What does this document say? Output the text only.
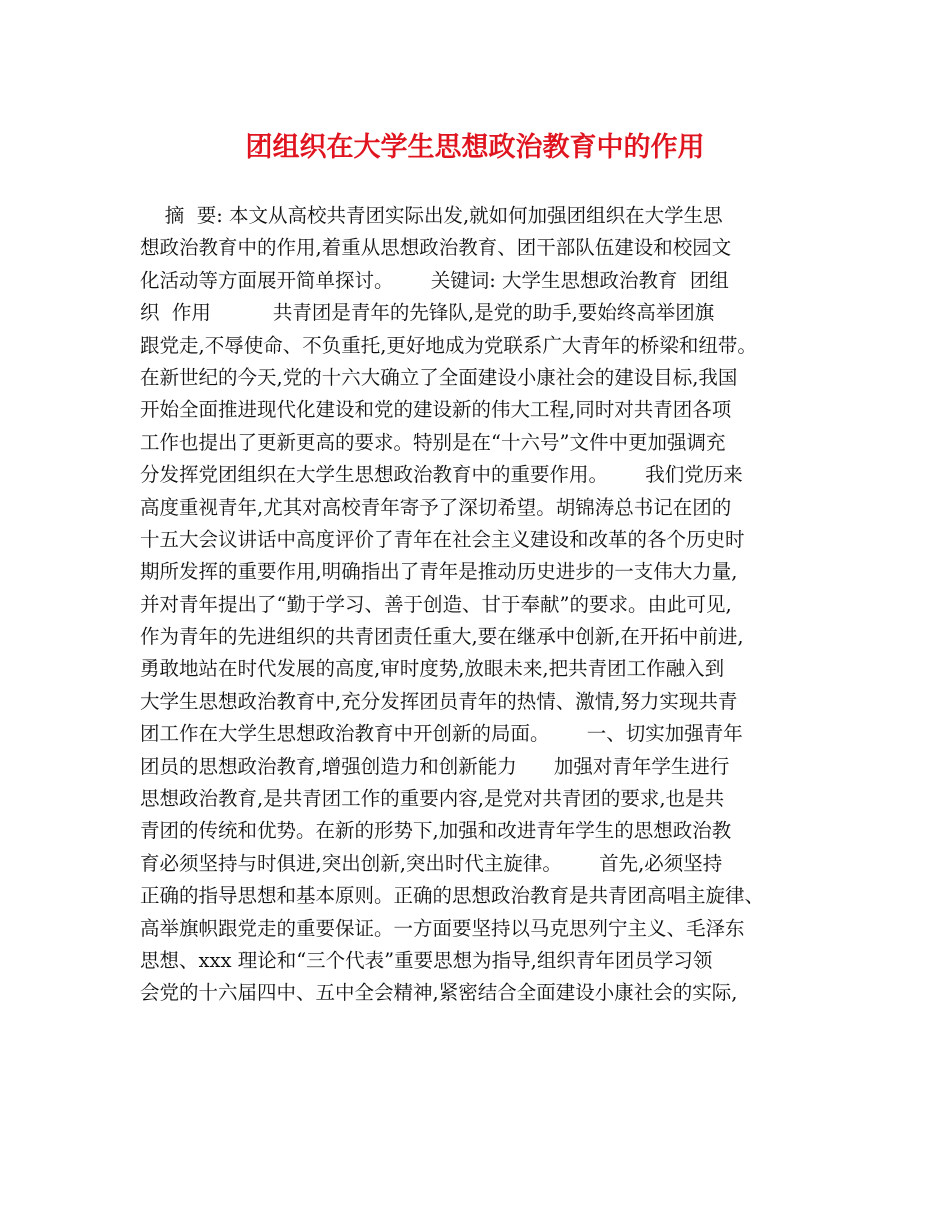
团组织在大学生思想政治教育中的作用
摘  要: 本文从高校共青团实际出发,就如何加强团组织在大学生思
想政治教育中的作用,着重从思想政治教育、团干部队伍建设和校园文
化活动等方面展开简单探讨。      关键词: 大学生思想政治教育  团组
织  作用          共青团是青年的先锋队,是党的助手,要始终高举团旗
跟党走,不辱使命、不负重托,更好地成为党联系广大青年的桥梁和纽带。
在新世纪的今天,党的十六大确立了全面建设小康社会的建设目标,我国
开始全面推进现代化建设和党的建设新的伟大工程,同时对共青团各项
工作也提出了更新更高的要求。特别是在“十六号”文件中更加强调充
分发挥党团组织在大学生思想政治教育中的重要作用。      我们党历来
高度重视青年,尤其对高校青年寄予了深切希望。胡锦涛总书记在团的
十五大会议讲话中高度评价了青年在社会主义建设和改革的各个历史时
期所发挥的重要作用,明确指出了青年是推动历史进步的一支伟大力量,
并对青年提出了“勤于学习、善于创造、甘于奉献”的要求。由此可见,
作为青年的先进组织的共青团责任重大,要在继承中创新,在开拓中前进,
勇敢地站在时代发展的高度,审时度势,放眼未来,把共青团工作融入到
大学生思想政治教育中,充分发挥团员青年的热情、激情,努力实现共青
团工作在大学生思想政治教育中开创新的局面。      一、切实加强青年
团员的思想政治教育,增强创造力和创新能力      加强对青年学生进行
思想政治教育,是共青团工作的重要内容,是党对共青团的要求,也是共
青团的传统和优势。在新的形势下,加强和改进青年学生的思想政治教
育必须坚持与时俱进,突出创新,突出时代主旋律。      首先,必须坚持
正确的指导思想和基本原则。正确的思想政治教育是共青团高唱主旋律、
高举旗帜跟党走的重要保证。一方面要坚持以马克思列宁主义、毛泽东
思想、xxx 理论和“三个代表”重要思想为指导,组织青年团员学习领
会党的十六届四中、五中全会精神,紧密结合全面建设小康社会的实际,
